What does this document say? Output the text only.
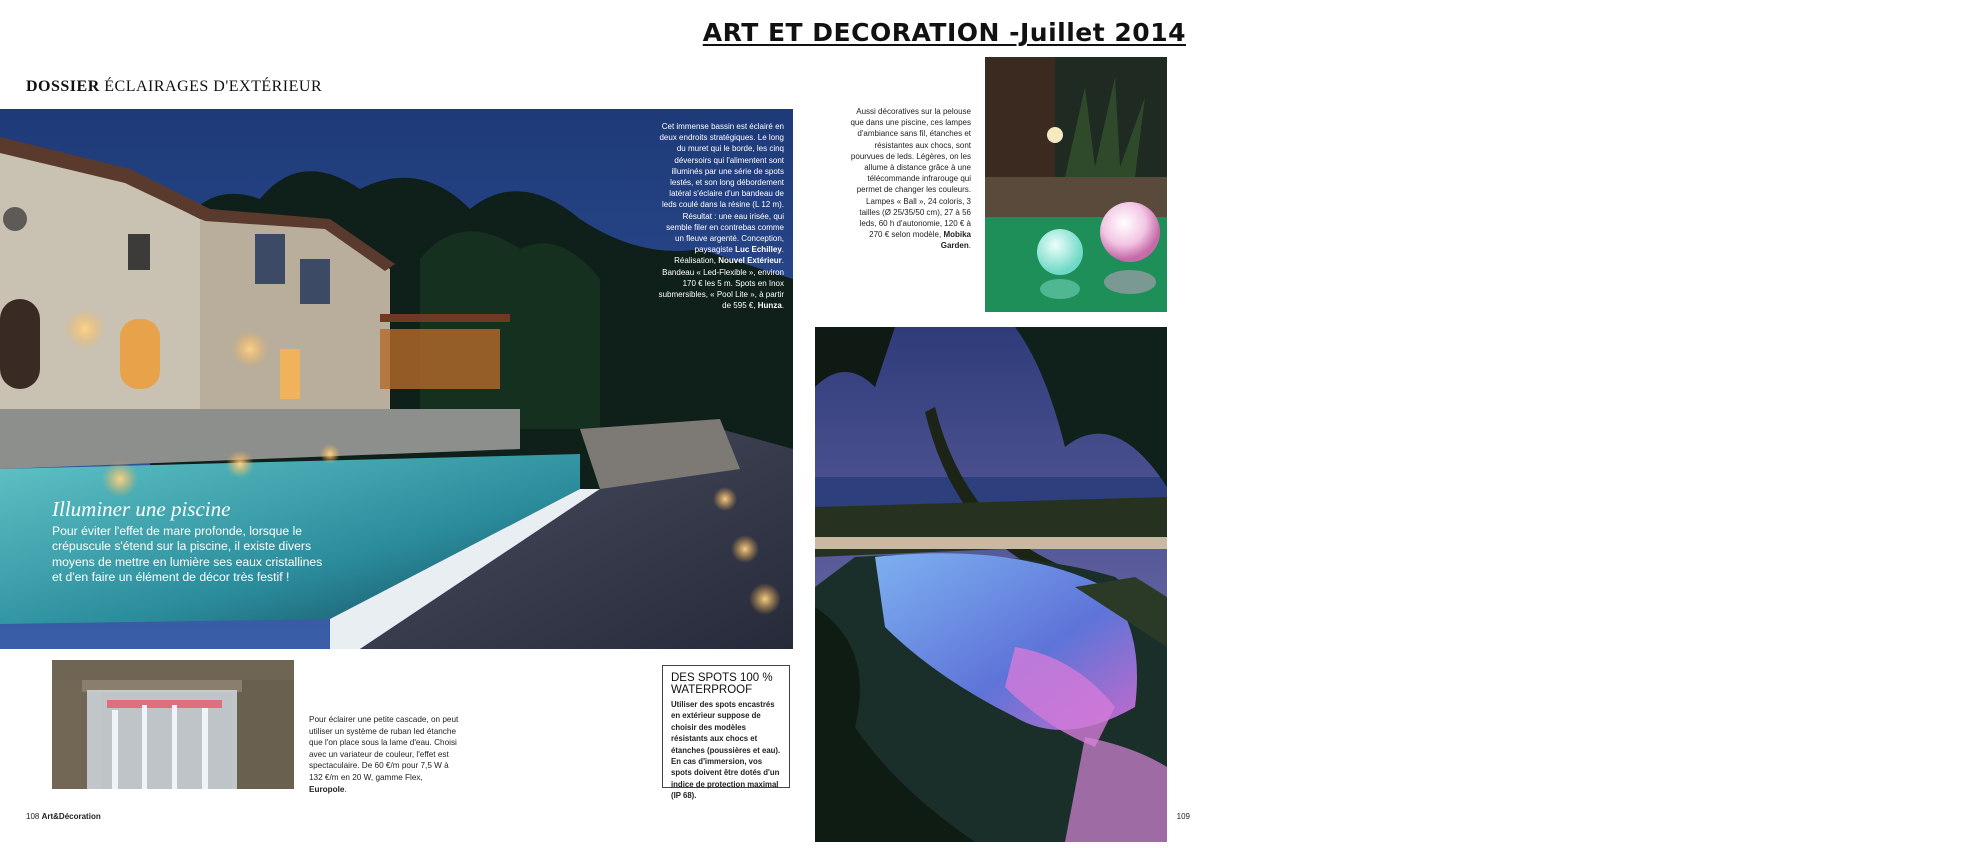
ART ET DECORATION -Juillet 2014
DOSSIER ÉCLAIRAGES D'EXTÉRIEUR
Cet immense bassin est éclairé en deux endroits stratégiques. Le long du muret qui le borde, les cinq déversoirs qui l'alimentent sont illuminés par une série de spots lestés, et son long débordement latéral s'éclaire d'un bandeau de leds coulé dans la résine (L 12 m). Résultat : une eau irisée, qui semble filer en contrebas comme un fleuve argenté. Conception, paysagiste Luc Echilley. Réalisation, Nouvel Extérieur. Bandeau « Led-Flexible », environ 170 € les 5 m. Spots en Inox submersibles, « Pool Lite », à partir de 595 €, Hunza.
Illuminer une piscine
Pour éviter l'effet de mare profonde, lorsque le crépuscule s'étend sur la piscine, il existe divers moyens de mettre en lumière ses eaux cristallines et d'en faire un élément de décor très festif !
Aussi décoratives sur la pelouse que dans une piscine, ces lampes d'ambiance sans fil, étanches et résistantes aux chocs, sont pourvues de leds. Légères, on les allume à distance grâce à une télécommande infrarouge qui permet de changer les couleurs. Lampes « Ball », 24 coloris, 3 tailles (Ø 25/35/50 cm), 27 à 56 leds, 60 h d'autonomie, 120 € à 270 € selon modèle, Mobika Garden.
Surplombant un panorama grandiose, cette piscine à double bassin dispose d'une rangée de spots encastrés dans ses parois qui la teintent de couleurs changeantes ou fixes. La mosaïque de pâte de verre est ainsi mise en valeur. Réalisation, Efac Electric'Forez. Spots submersibles pour piscine, équipés de leds couleur, en acier et en Inox. Ø 25,8 cm, 230 €, Wibre.
Pour éclairer une petite cascade, on peut utiliser un système de ruban led étanche que l'on place sous la lame d'eau. Choisi avec un variateur de couleur, l'effet est spectaculaire. De 60 €/m pour 7,5 W à 132 €/m en 20 W, gamme Flex, Europole.
DES SPOTS 100 % WATERPROOF
Utiliser des spots encastrés en extérieur suppose de choisir des modèles résistants aux chocs et étanches (poussières et eau). En cas d'immersion, vos spots doivent être dotés d'un indice de protection maximal (IP 68).
108 Art&Décoration	109
